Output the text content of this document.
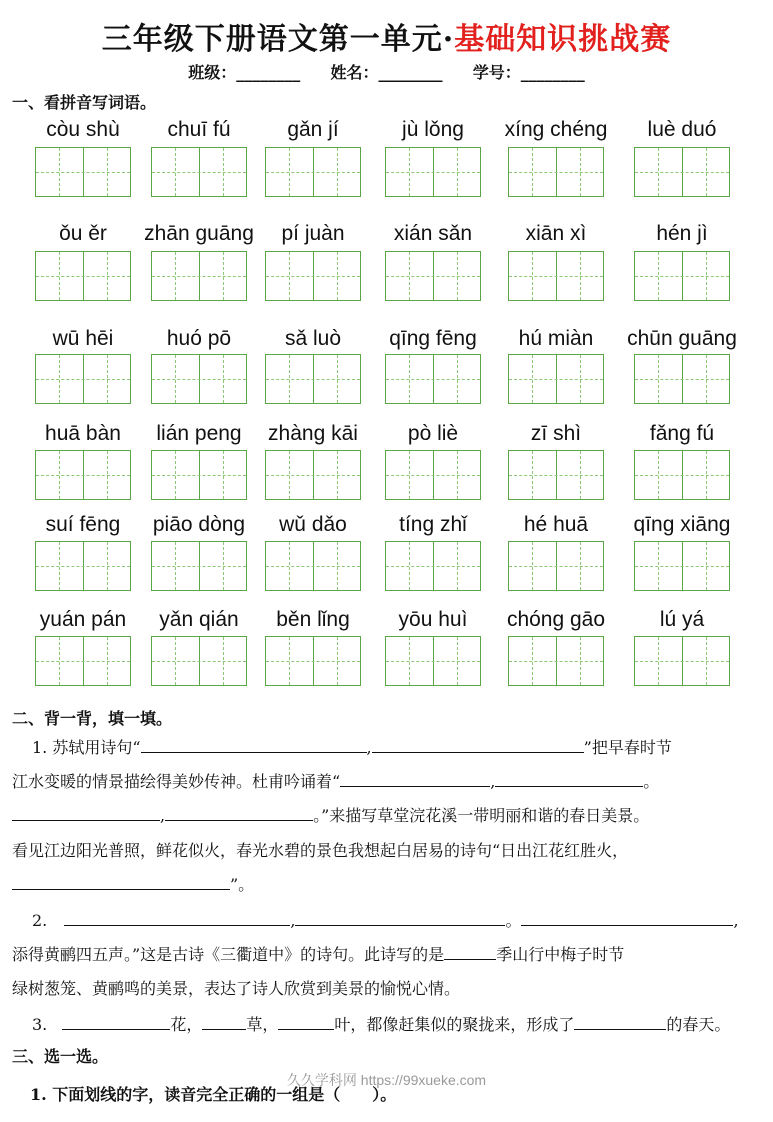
三年级下册语文第一单元·基础知识挑战赛
班级：________ 姓名：________ 学号：________
一、看拼音写词语。
còu shù	chuī fú	gǎn jí	jù lǒng	xíng chéng	luè duó
ǒu ěr	zhān guāng	pí juàn	xián sǎn	xiān xì	hén jì
wū hēi	huó pō	sǎ luò	qīng fēng	hú miàn	chūn guāng
huā bàn	lián peng	zhàng kāi	pò liè	zī shì	fǎng fú
suí fēng	piāo dòng	wǔ dǎo	tíng zhǐ	hé huā	qīng xiāng
yuán pán	yǎn qián	běn lǐng	yōu huì	chóng gāo	lú yá
二、背一背，填一填。
1. 苏轼用诗句“	,	”把早春时节
江水变暖的情景描绘得美妙传神。杜甫吟诵着“	,	。
,	。”来描写草堂浣花溪一带明丽和谐的春日美景。
看见江边阳光普照，鲜花似火，春光水碧的景色我想起白居易的诗句“日出江花红胜火，
”。
2.	,	。	,
添得黄鹂四五声。”这是古诗《三衢道中》的诗句。此诗写的是	季山行中梅子时节
绿树葱笼、黄鹂鸣的美景，表达了诗人欣赏到美景的愉悦心情。
3.	花，	草，	叶，都像赶集似的聚拢来，形成了	的春天。
三、选一选。
久久学科网 https://99xueke.com
1. 下面划线的字，读音完全正确的一组是（　　）。
